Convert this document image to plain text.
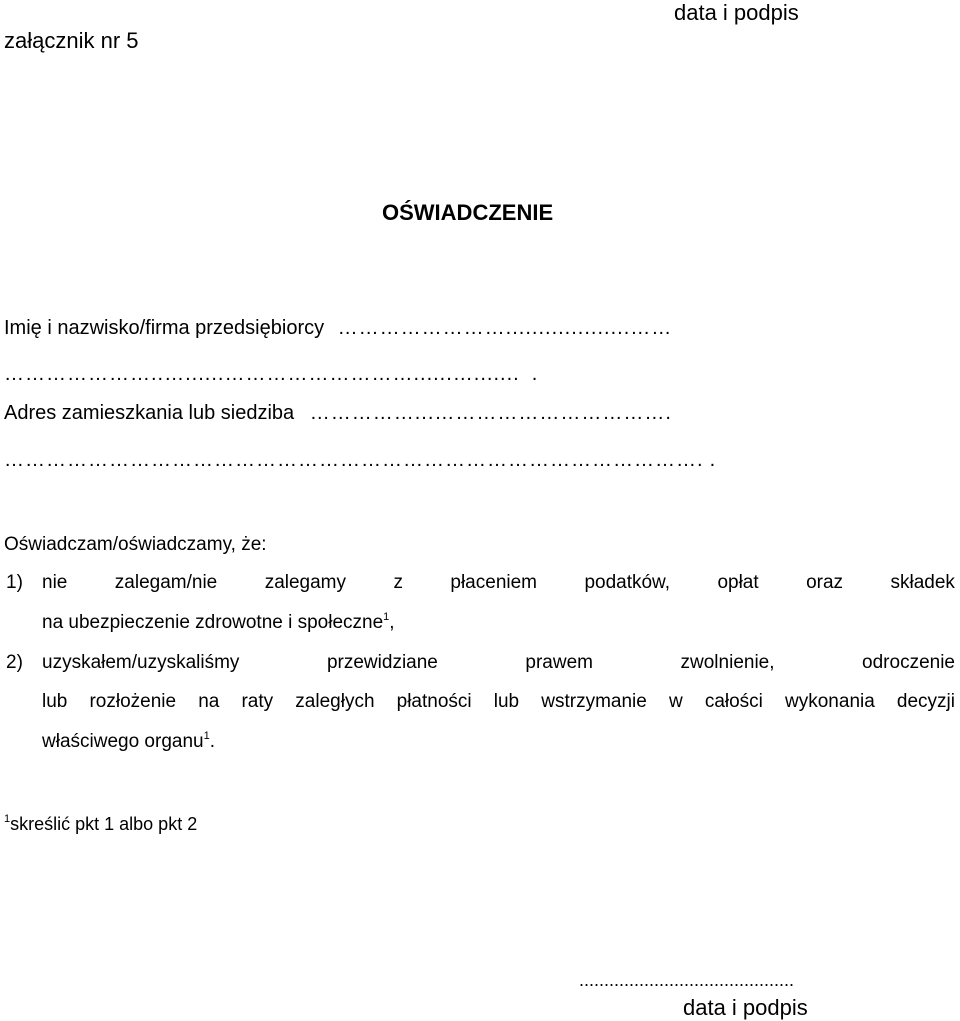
data i podpis
załącznik nr 5
OŚWIADCZENIE
Imię i nazwisko/firma przedsiębiorcy ……………………...................……
…………………..…......………………………......…....... .
Adres zamieszkania lub siedziba ……………...…………………………….
………………………………………………………………………………………. .
Oświadczam/oświadczamy, że:
1) nie zalegam/nie zalegamy z płaceniem podatków, opłat oraz składek
na ubezpieczenie zdrowotne i społeczne$^1$,
2) uzyskałem/uzyskaliśmy	przewidziane	prawem	zwolnienie,	odroczenie
lub rozłożenie na raty zaległych płatności lub wstrzymanie w całości wykonania decyzji
właściwego organu$^1$.
$^1$skreślić pkt 1 albo pkt 2
...........................................
data i podpis
